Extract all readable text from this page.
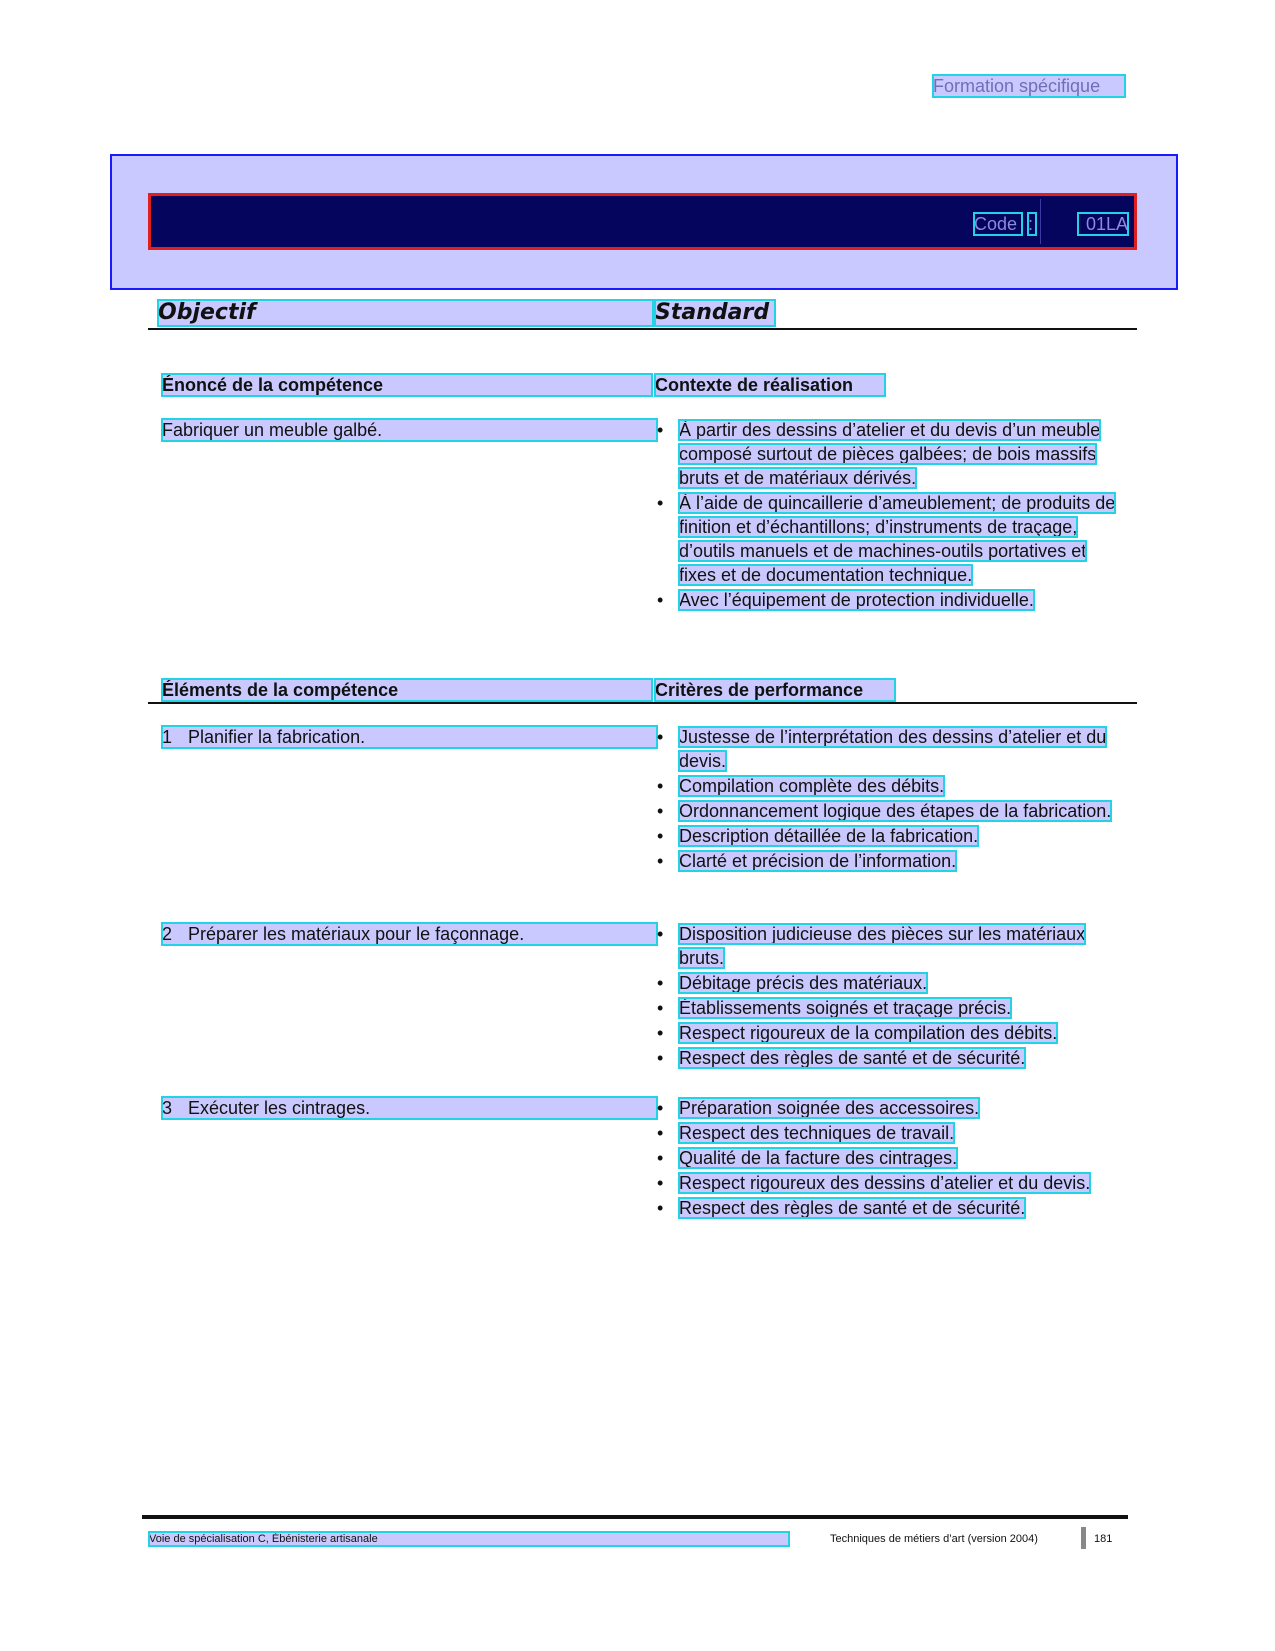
Formation spécifique
Code :	01LA
Objectif	Standard
Énoncé de la compétence	Contexte de réalisation
Fabriquer un meuble galbé.	• À partir des dessins d’atelier et du devis d’un meuble composé surtout de pièces galbées; de bois massifs bruts et de matériaux dérivés.
• À l’aide de quincaillerie d’ameublement; de produits de finition et d’échantillons; d’instruments de traçage, d’outils manuels et de machines-outils portatives et fixes et de documentation technique.
• Avec l’équipement de protection individuelle.
Éléments de la compétence	Critères de performance
1 Planifier la fabrication.	• Justesse de l’interprétation des dessins d’atelier et du devis.
• Compilation complète des débits.
• Ordonnancement logique des étapes de la fabrication.
• Description détaillée de la fabrication.
• Clarté et précision de l’information.
2 Préparer les matériaux pour le façonnage.	• Disposition judicieuse des pièces sur les matériaux bruts.
• Débitage précis des matériaux.
• Établissements soignés et traçage précis.
• Respect rigoureux de la compilation des débits.
• Respect des règles de santé et de sécurité.
3 Exécuter les cintrages.	• Préparation soignée des accessoires.
• Respect des techniques de travail.
• Qualité de la facture des cintrages.
• Respect rigoureux des dessins d’atelier et du devis.
• Respect des règles de santé et de sécurité.
Voie de spécialisation C, Ébénisterie artisanale	Techniques de métiers d’art (version 2004)	181
